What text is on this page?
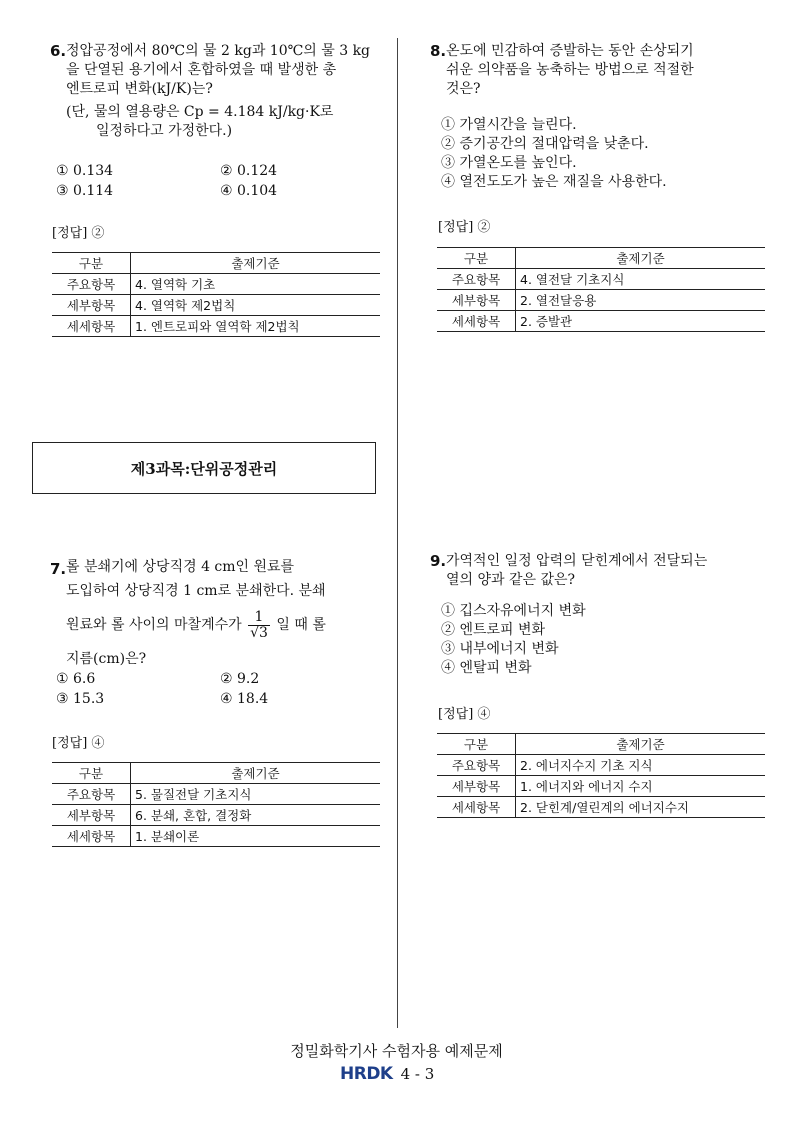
6. 정압공정에서 80℃의 물 2 kg과 10℃의 물 3 kg
을 단열된 용기에서 혼합하였을 때 발생한 총
엔트로피 변화(kJ/K)는?
(단, 물의 열용량은 Cp = 4.184 kJ/kg·K로
일정하다고 가정한다.)
① 0.134	② 0.124
③ 0.114	④ 0.104
[정답] ②
구분	출제기준
주요항목	4. 열역학 기초
세부항목	4. 열역학 제2법칙
세세항목	1. 엔트로피와 열역학 제2법칙
제3과목:단위공정관리
7. 롤 분쇄기에 상당직경 4 cm인 원료를
도입하여 상당직경 1 cm로 분쇄한다. 분쇄
원료와 롤 사이의 마찰계수가 $\frac{1}{√3}$ 일 때 롤
지름(cm)은?
① 6.6	② 9.2
③ 15.3	④ 18.4
[정답] ④
구분	출제기준
주요항목	5. 물질전달 기초지식
세부항목	6. 분쇄, 혼합, 결정화
세세항목	1. 분쇄이론
8. 온도에 민감하여 증발하는 동안 손상되기
쉬운 의약품을 농축하는 방법으로 적절한
것은?
① 가열시간을 늘린다.
② 증기공간의 절대압력을 낮춘다.
③ 가열온도를 높인다.
④ 열전도도가 높은 재질을 사용한다.
[정답] ②
구분	출제기준
주요항목	4. 열전달 기초지식
세부항목	2. 열전달응용
세세항목	2. 증발관
9. 가역적인 일정 압력의 닫힌계에서 전달되는
열의 양과 같은 값은?
① 깁스자유에너지 변화
② 엔트로피 변화
③ 내부에너지 변화
④ 엔탈피 변화
[정답] ④
구분	출제기준
주요항목	2. 에너지수지 기초 지식
세부항목	1. 에너지와 에너지 수지
세세항목	2. 닫힌계/열린계의 에너지수지
정밀화학기사 수험자용 예제문제
HRDK 4 - 3
